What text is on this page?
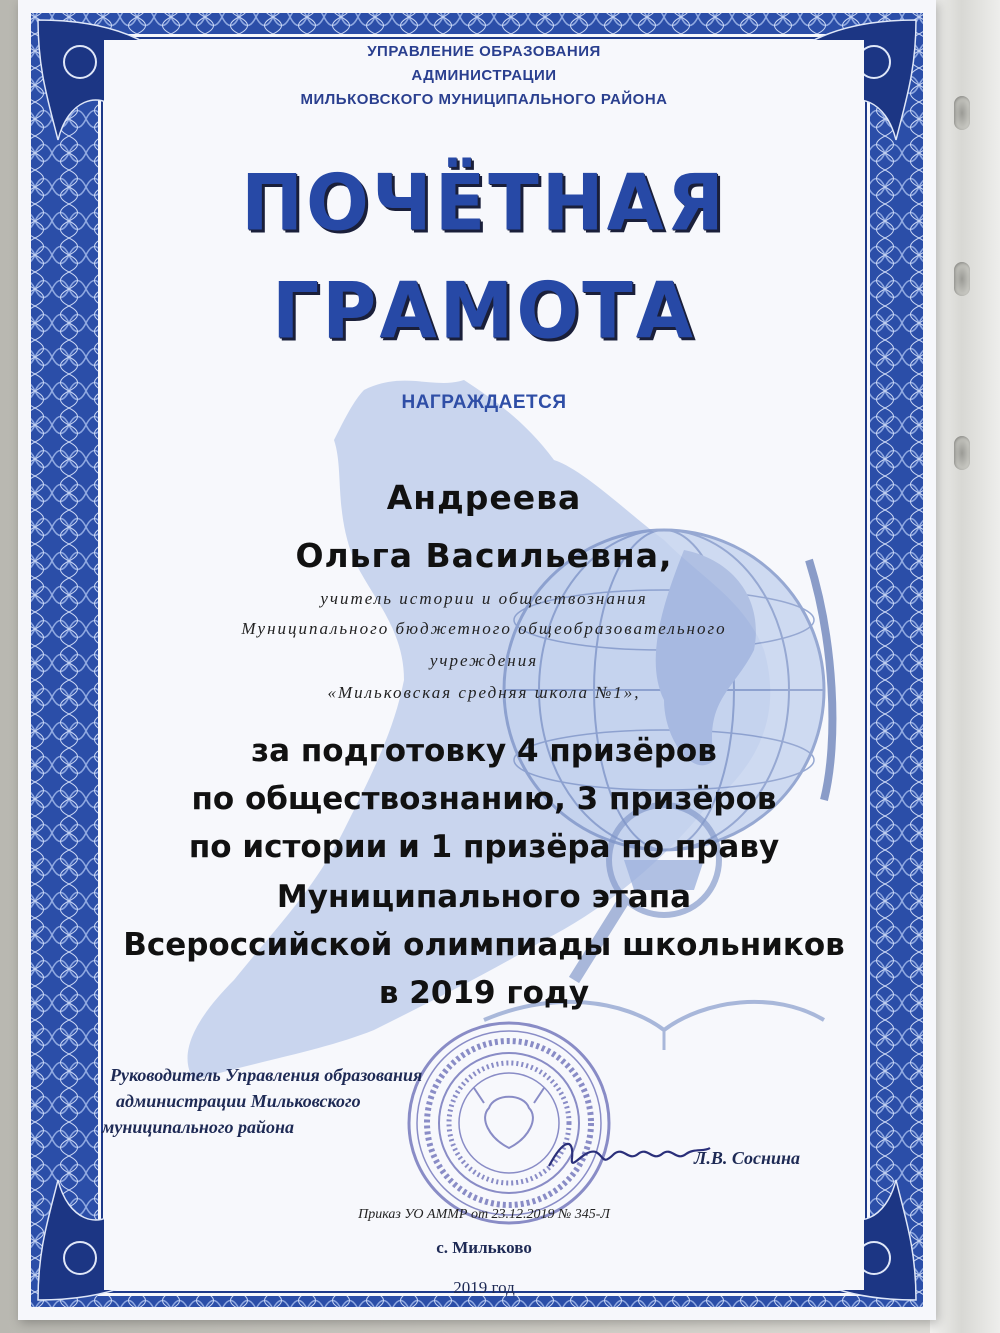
УПРАВЛЕНИЕ ОБРАЗОВАНИЯ
АДМИНИСТРАЦИИ
МИЛЬКОВСКОГО МУНИЦИПАЛЬНОГО РАЙОНА
ПОЧЁТНАЯ
ГРАМОТА
НАГРАЖДАЕТСЯ
Андреева
Ольга Васильевна,
учитель истории и обществознания
Муниципального бюджетного общеобразовательного
учреждения
«Мильковская средняя школа №1»,
за подготовку 4 призёров
по обществознанию, 3 призёров
по истории и 1 призёра по праву
Муниципального этапа
Всероссийской олимпиады школьников
в 2019 году
Руководитель Управления образования
администрации Мильковского
муниципального района
Л.В. Соснина
Приказ УО АММР от 23.12.2019 № 345-Л
с. Мильково
2019 год
